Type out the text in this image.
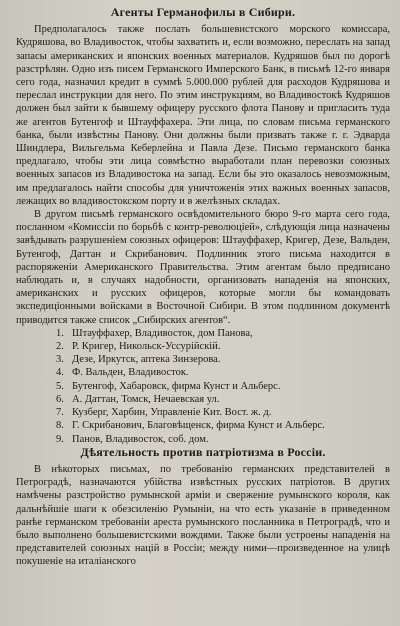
Агенты Германофилы в Сибири.

Предполагалось также послать большевистского морского комиссара, Кудряшова, во Владивосток, чтобы захватить и, если возможно, переслать на запад запасы американских и японских военных материалов. Кудряшов был по дорогѣ разстрѣлян. Одно изъ писем Германского Имперского Банк, в письмѣ 12-го января сего года, назначил кредит в суммѣ 5.000.000 рублей для расходов Кудряшова и переслал инструкции для него. По этим инструкциям, во Владивостокѣ Кудряшов должен был зайти к бывшему офицеру русского флота Панову и пригласить туда же агентов Бутенгоф и Штауффахера. Эти лица, по словам письма германского банка, были извѣстны Панову. Они должны были призвать также г. г. Эдварда Шиндлера, Вильгельма Кеберлейна и Павла Дезе. Письмо германского банка предлагало, чтобы эти лица совмѣстно выработали план перевозки союзных военных запасов из Владивостока на запад. Если бы это оказалось невозможным, им предлагалось найти способы для уничтоженія этих важных военных запасов, лежащих во владивостокском порту и в желѣзных складах.

В другом письмѣ германского освѣдомительного бюро 9-го марта сего года, посланном «Комиссіи по борьбѣ с контр-революціей», слѣдующія лица назначены завѣдывать разрушеніем союзных офицеров: Штауффахер, Кригер, Дезе, Вальден, Бутенгоф, Даттан и Скрибанович. Подлинник этого письма находится в распоряженіи Американского Правительства. Этим агентам было предписано наблюдать и, в случаях надобности, организовать нападенія на японских, американских и русских офицеров, которые могли бы командовать экспедиціонными войсками в Восточной Сибири. В этом подлинном документѣ приводится также список „Сибирских агентов“.

1. Штауффахер, Владивосток, дом Панова,
2. Р. Кригер, Никольск-Уссурійскій.
3. Дезе, Иркутск, аптека Зинзерова.
4. Ф. Вальден, Владивосток.
5. Бутенгоф, Хабаровск, фирма Кунст и Альберс.
6. А. Даттан, Томск, Нечаевская ул.
7. Кузберг, Харбин, Управленіе Кит. Вост. ж. д.
8. Г. Скрибанович, Благовѣщенск, фирма Кунст и Альберс.
9. Панов, Владивосток, соб. дом.
Дѣятельность против патріотизма в Россіи.

В нѣкоторых письмах, по требованію германских представителей в Петроградѣ, назначаются убійства извѣстных русских патріотов. В других намѣчены разстройство румынской арміи и свержение румынского короля, как дальнѣйшіе шаги к обезсиленію Румыніи, на что есть указаніе в приведенном ранѣе германском требованіи ареста румынского посланника в Петроградѣ, что и было выполнено большевистскими вождями. Также были устроены нападенія на представителей союзных націй в Россіи; между ними—произведенное на улицѣ покушеніе на италіанского
